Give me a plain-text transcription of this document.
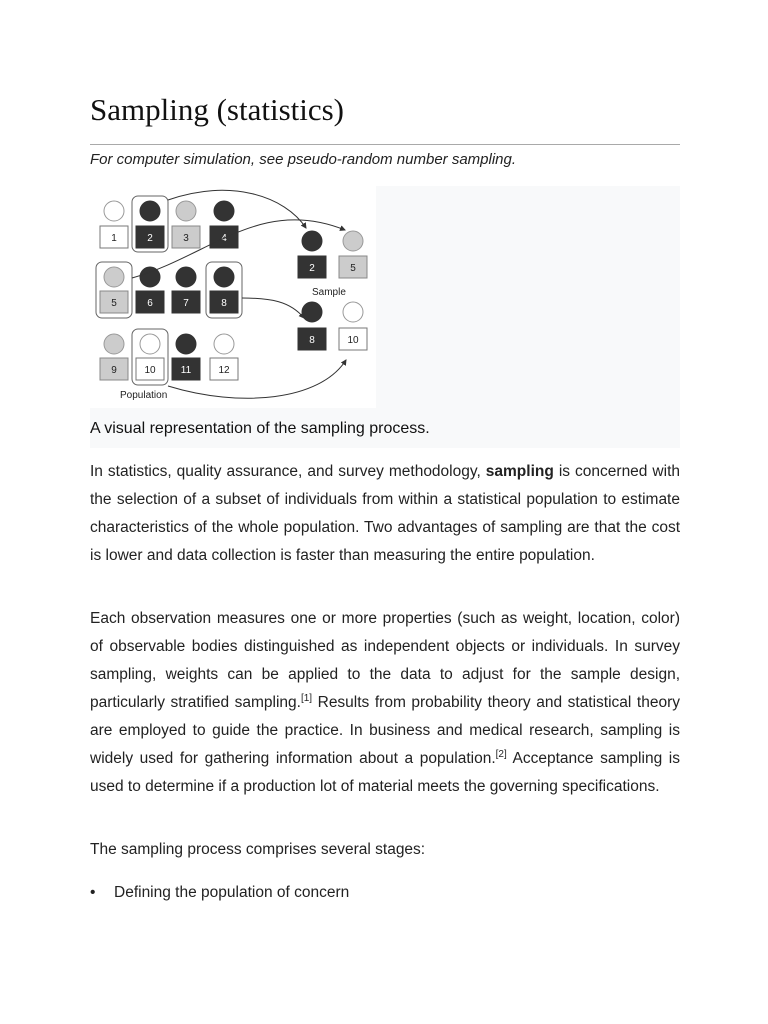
Sampling (statistics)
For computer simulation, see pseudo-random number sampling.
1	2	3	4
5	6	7	8
9	10	11	12
Population
2	5
8	10
Sample
A visual representation of the sampling process.

In statistics, quality assurance, and survey methodology, sampling is concerned with the selection of a subset of individuals from within a statistical population to estimate characteristics of the whole population. Two advantages of sampling are that the cost is lower and data collection is faster than measuring the entire population.

Each observation measures one or more properties (such as weight, location, color) of observable bodies distinguished as independent objects or individuals. In survey sampling, weights can be applied to the data to adjust for the sample design, particularly stratified sampling.[1] Results from probability theory and statistical theory are employed to guide the practice. In business and medical research, sampling is widely used for gathering information about a population.[2] Acceptance sampling is used to determine if a production lot of material meets the governing specifications.

The sampling process comprises several stages:

• Defining the population of concern
